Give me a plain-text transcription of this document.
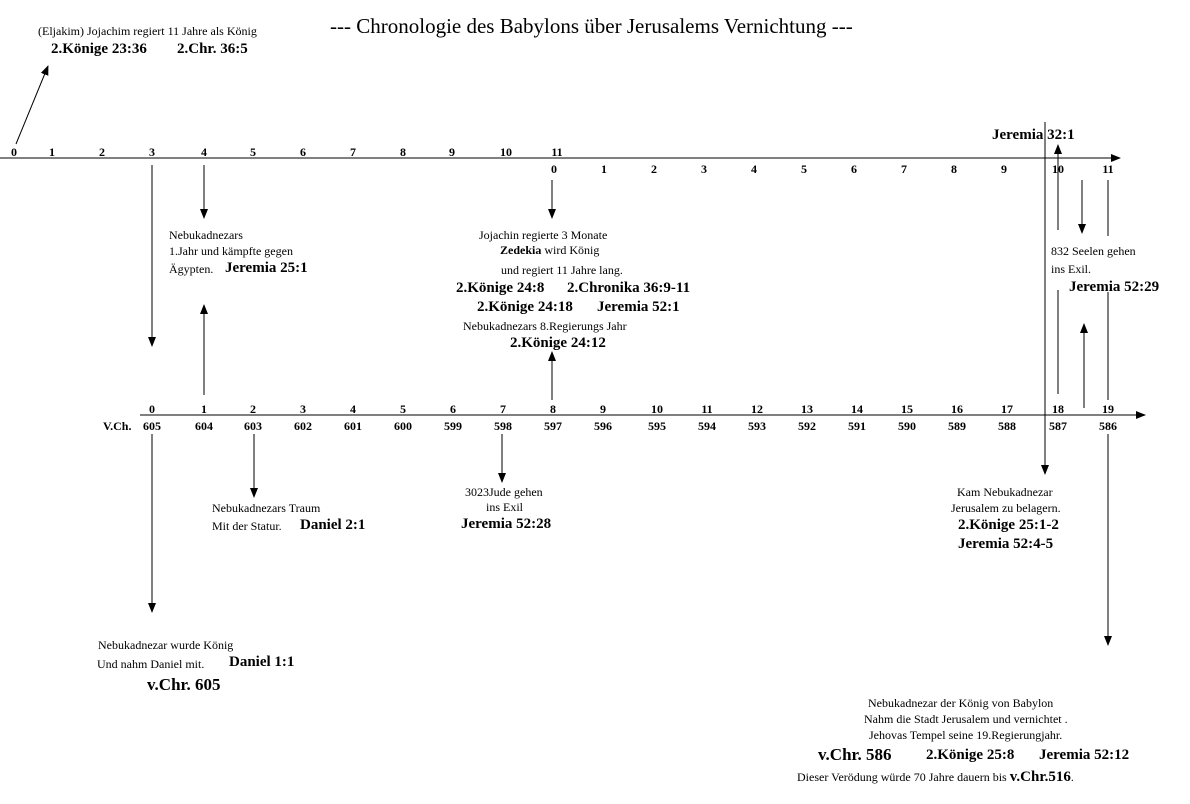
--- Chronologie des Babylons über Jerusalems Vernichtung ---
0	1	2	3	4	5	6	7	8	9	10	11
0	1	2	3	4	5	6	7	8	9	10	11
0	1	2	3	4	5	6	7	8	9	10	11	12	13	14	15	16	17	18	19
605	604	603	602	601	600	599	598	597	596	595	594	593	592	591	590	589	588	587	586
V.Ch.
(Eljakim) Jojachim regiert 11 Jahre als König
2.Könige 23:36 2.Chr. 36:5
Jeremia 32:1
Nebukadnezars
1.Jahr und kämpfte gegen
Ägypten. Jeremia 25:1
Jojachin regierte 3 Monate
Zedekia wird König
und regiert 11 Jahre lang.
2.Könige 24:8 2.Chronika 36:9-11
2.Könige 24:18 Jeremia 52:1
Nebukadnezars 8.Regierungs Jahr
2.Könige 24:12
832 Seelen gehen
ins Exil.
Jeremia 52:29
Nebukadnezars Traum
Mit der Statur. Daniel 2:1
3023Jude gehen
ins Exil
Jeremia 52:28
Kam Nebukadnezar
Jerusalem zu belagern.
2.Könige 25:1-2
Jeremia 52:4-5
Nebukadnezar wurde König
Und nahm Daniel mit. Daniel 1:1
v.Chr. 605
Nebukadnezar der König von Babylon
Nahm die Stadt Jerusalem und vernichtet .
Jehovas Tempel seine 19.Regierungjahr.
v.Chr. 586 2.Könige 25:8 Jeremia 52:12
Dieser Verödung würde 70 Jahre dauern bis v.Chr.516.
